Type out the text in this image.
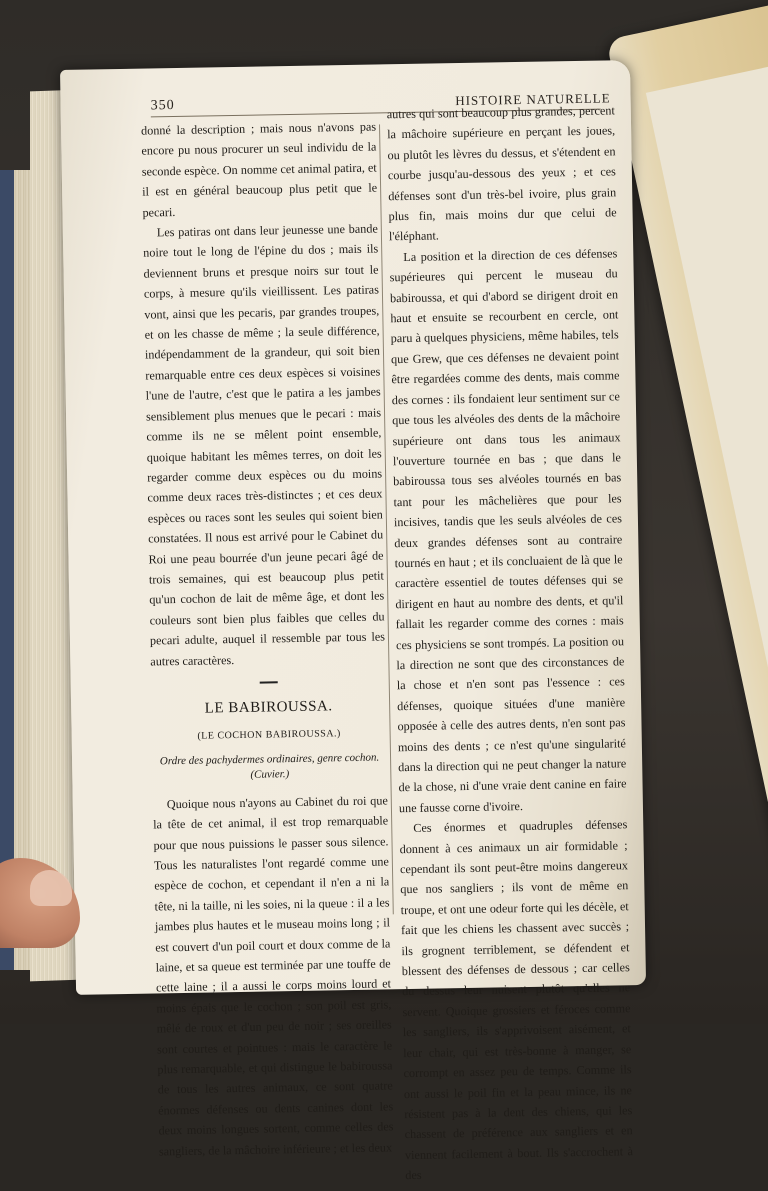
350	HISTOIRE NATURELLE

donné la description ; mais nous n'avons pas encore pu nous procurer un seul individu de la seconde espèce. On nomme cet animal patira, et il est en général beaucoup plus petit que le pecari.

Les patiras ont dans leur jeunesse une bande noire tout le long de l'épine du dos ; mais ils deviennent bruns et presque noirs sur tout le corps, à mesure qu'ils vieillissent. Les patiras vont, ainsi que les pecaris, par grandes troupes, et on les chasse de même ; la seule différence, indépendamment de la grandeur, qui soit bien remarquable entre ces deux espèces si voisines l'une de l'autre, c'est que le patira a les jambes sensiblement plus menues que le pecari : mais comme ils ne se mêlent point ensemble, quoique habitant les mêmes terres, on doit les regarder comme deux espèces ou du moins comme deux races très-distinctes ; et ces deux espèces ou races sont les seules qui soient bien constatées. Il nous est arrivé pour le Cabinet du Roi une peau bourrée d'un jeune pecari âgé de trois semaines, qui est beaucoup plus petit qu'un cochon de lait de même âge, et dont les couleurs sont bien plus faibles que celles du pecari adulte, auquel il ressemble par tous les autres caractères.

LE BABIROUSSA.
(LE COCHON BABIROUSSA.)
Ordre des pachydermes ordinaires, genre cochon. (Cuvier.)

Quoique nous n'ayons au Cabinet du roi que la tête de cet animal, il est trop remarquable pour que nous puissions le passer sous silence. Tous les naturalistes l'ont regardé comme une espèce de cochon, et cependant il n'en a ni la tête, ni la taille, ni les soies, ni la queue : il a les jambes plus hautes et le museau moins long ; il est couvert d'un poil court et doux comme de la laine, et sa queue est terminée par une touffe de cette laine ; il a aussi le corps moins lourd et moins épais que le cochon ; son poil est gris, mêlé de roux et d'un peu de noir ; ses oreilles sont courtes et pointues : mais le caractère le plus remarquable, et qui distingue le babiroussa de tous les autres animaux, ce sont quatre énormes défenses ou dents canines dont les deux moins longues sortent, comme celles des sangliers, de la mâchoire inférieure ; et les deux

autres qui sont beaucoup plus grandes, percent la mâchoire supérieure en perçant les joues, ou plutôt les lèvres du dessus, et s'étendent en courbe jusqu'au-dessous des yeux ; et ces défenses sont d'un très-bel ivoire, plus grain plus fin, mais moins dur que celui de l'éléphant.

La position et la direction de ces défenses supérieures qui percent le museau du babiroussa, et qui d'abord se dirigent droit en haut et ensuite se recourbent en cercle, ont paru à quelques physiciens, même habiles, tels que Grew, que ces défenses ne devaient point être regardées comme des dents, mais comme des cornes : ils fondaient leur sentiment sur ce que tous les alvéoles des dents de la mâchoire supérieure ont dans tous les animaux l'ouverture tournée en bas ; que dans le babiroussa tous ses alvéoles tournés en bas tant pour les mâchelières que pour les incisives, tandis que les seuls alvéoles de ces deux grandes défenses sont au contraire tournés en haut ; et ils concluaient de là que le caractère essentiel de toutes défenses qui se dirigent en haut au nombre des dents, et qu'il fallait les regarder comme des cornes : mais ces physiciens se sont trompés. La position ou la direction ne sont que des circonstances de la chose et n'en sont pas l'essence : ces défenses, quoique situées d'une manière opposée à celle des autres dents, n'en sont pas moins des dents ; ce n'est qu'une singularité dans la direction qui ne peut changer la nature de la chose, ni d'une vraie dent canine en faire une fausse corne d'ivoire.

Ces énormes et quadruples défenses donnent à ces animaux un air formidable ; cependant ils sont peut-être moins dangereux que nos sangliers ; ils vont de même en troupe, et ont une odeur forte qui les décèle, et fait que les chiens les chassent avec succès ; ils grognent terriblement, se défendent et blessent des défenses de dessous ; car celles du dessus leur nuisent plutôt qu'elles ne servent. Quoique grossiers et féroces comme les sangliers, ils s'apprivoisent aisément, et leur chair, qui est très-bonne à manger, se corrompt en assez peu de temps. Comme ils ont aussi le poil fin et la peau mince, ils ne résistent pas à la dent des chiens, qui les chassent de préférence aux sangliers et en viennent facilement à bout. Ils s'accrochent à des
